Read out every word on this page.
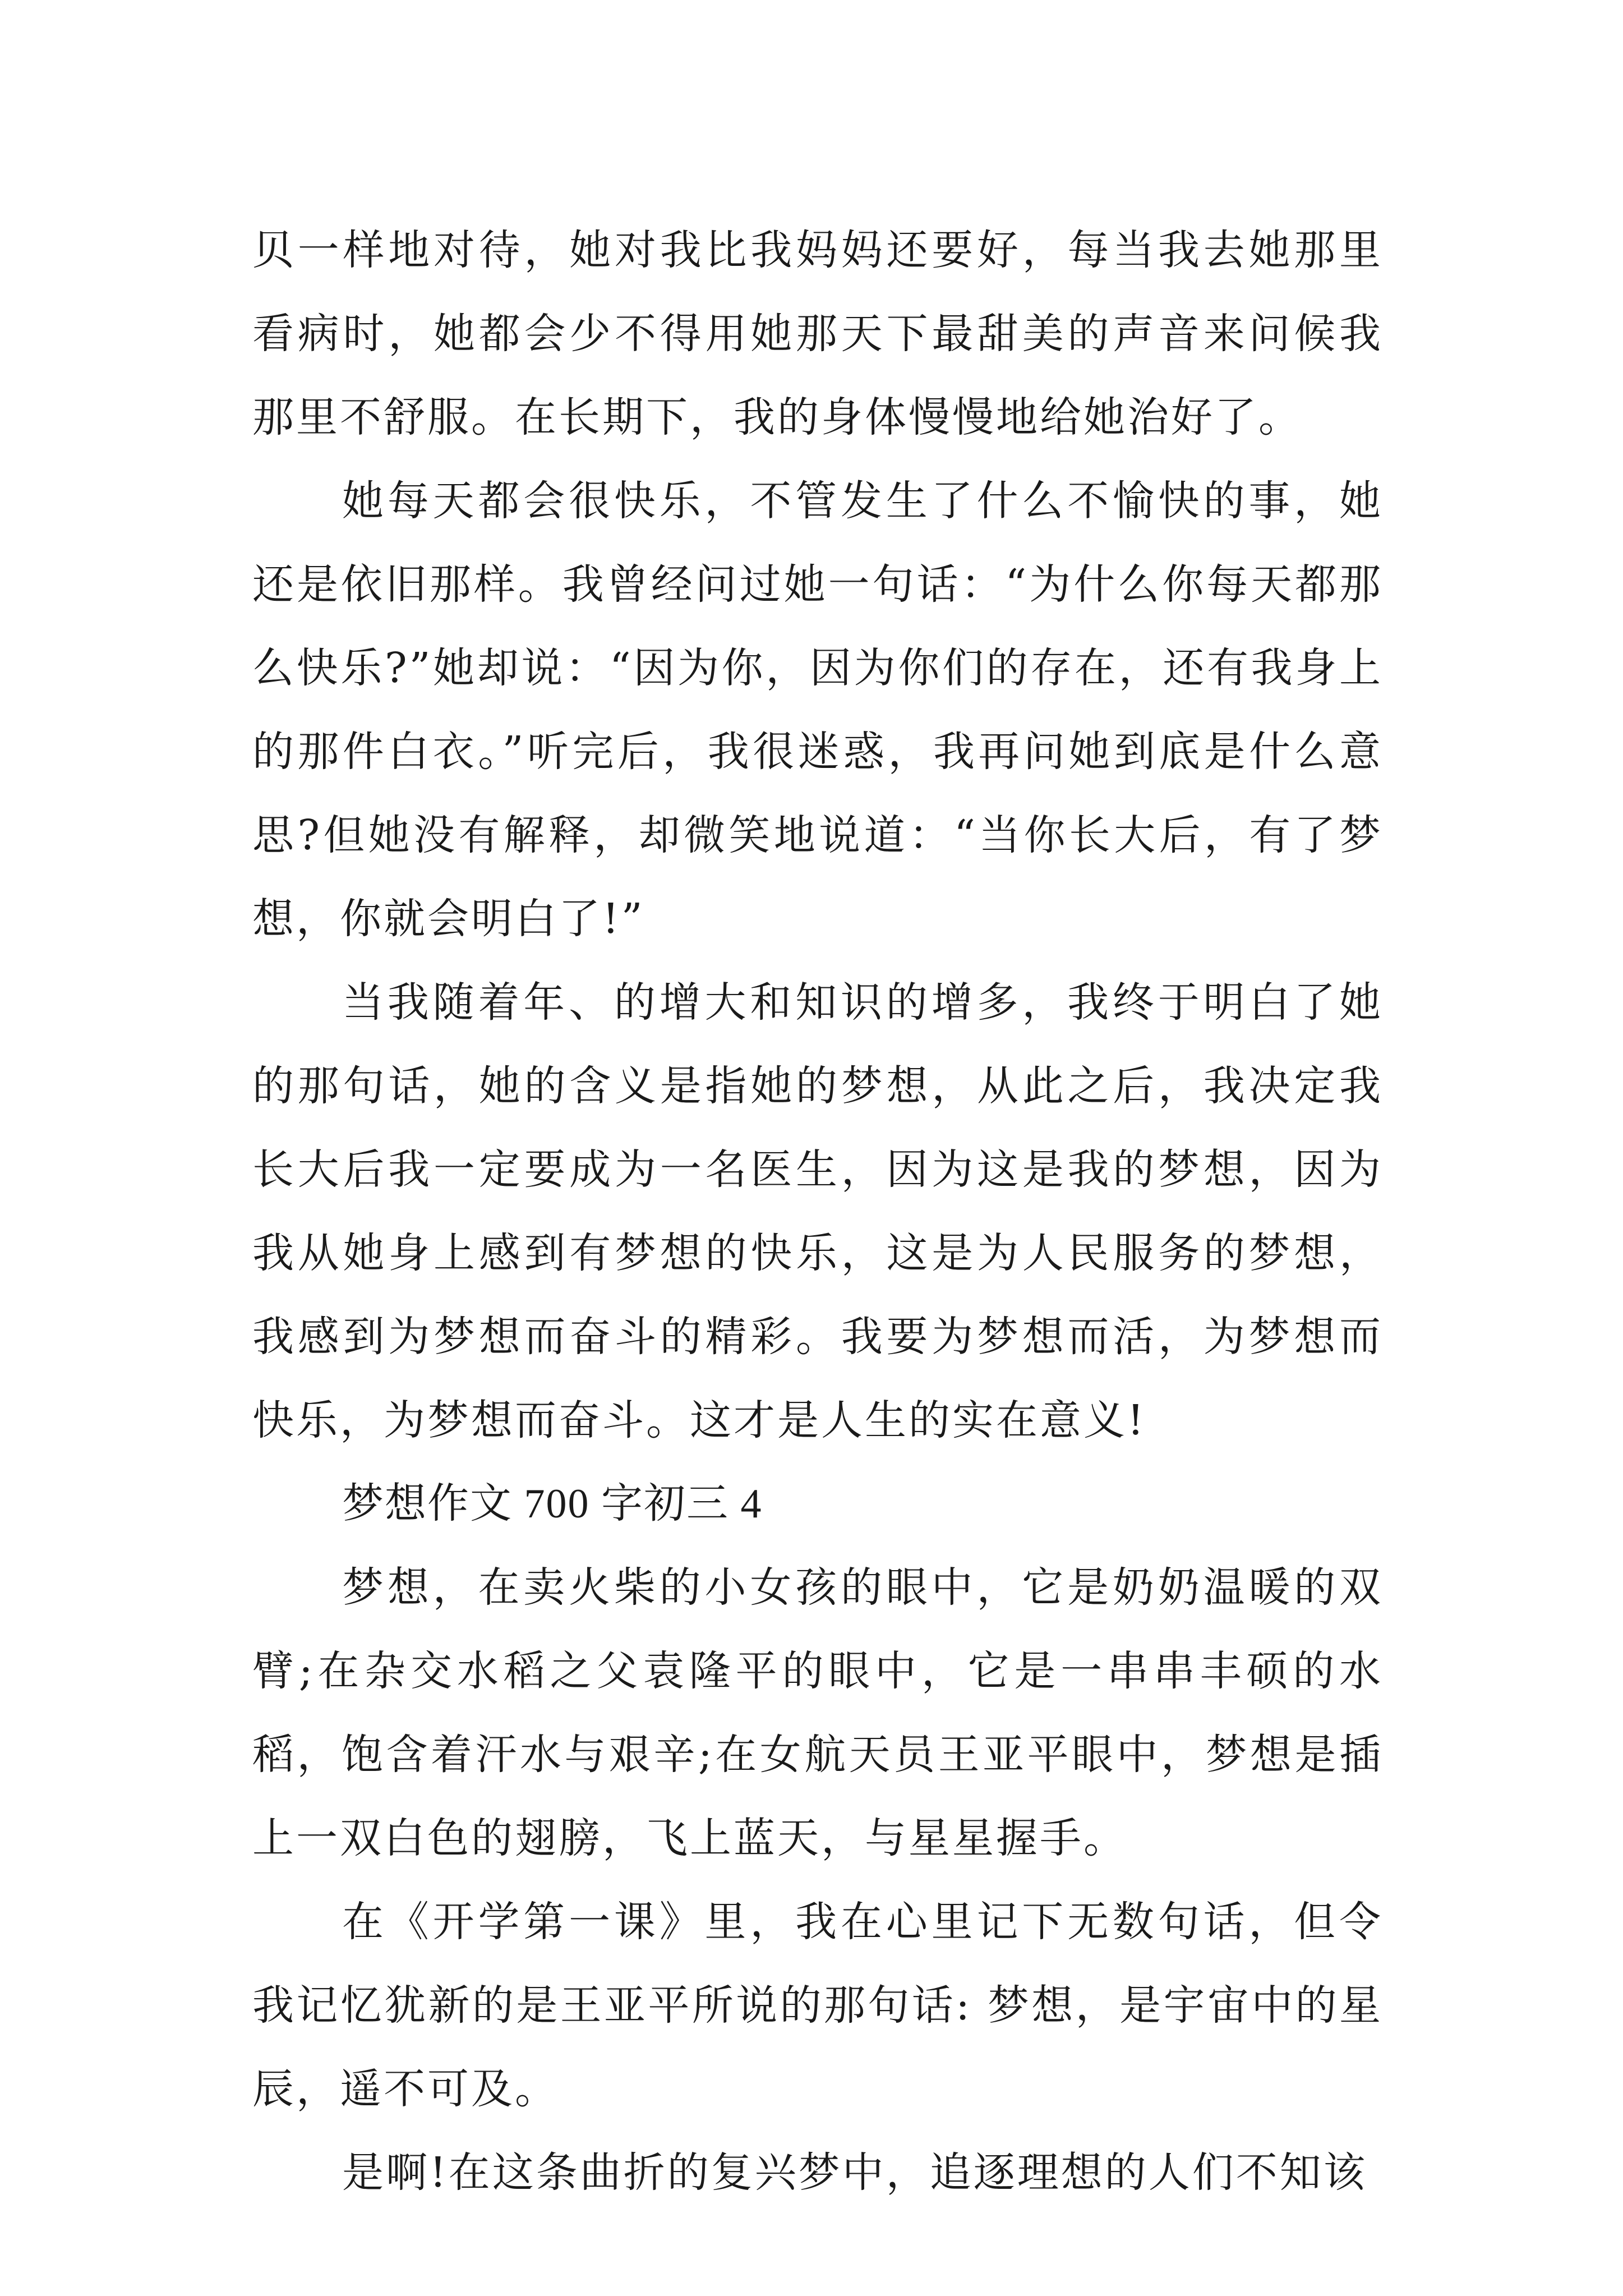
贝一样地对待，她对我比我妈妈还要好，每当我去她那里看病时，她都会少不得用她那天下最甜美的声音来问候我那里不舒服。在长期下，我的身体慢慢地给她治好了。

她每天都会很快乐，不管发生了什么不愉快的事，她还是依旧那样。我曾经问过她一句话：“为什么你每天都那么快乐?”她却说：“因为你，因为你们的存在，还有我身上的那件白衣。”听完后，我很迷惑，我再问她到底是什么意思?但她没有解释，却微笑地说道：“当你长大后，有了梦想，你就会明白了!”

当我随着年、的增大和知识的增多，我终于明白了她的那句话，她的含义是指她的梦想，从此之后，我决定我长大后我一定要成为一名医生，因为这是我的梦想，因为我从她身上感到有梦想的快乐，这是为人民服务的梦想，我感到为梦想而奋斗的精彩。我要为梦想而活，为梦想而快乐，为梦想而奋斗。这才是人生的实在意义!

梦想作文 700 字初三 4

梦想，在卖火柴的小女孩的眼中，它是奶奶温暖的双臂;在杂交水稻之父袁隆平的眼中，它是一串串丰硕的水稻，饱含着汗水与艰辛;在女航天员王亚平眼中，梦想是插上一双白色的翅膀，飞上蓝天，与星星握手。

在《开学第一课》里，我在心里记下无数句话，但令我记忆犹新的是王亚平所说的那句话: 梦想，是宇宙中的星辰，遥不可及。

是啊!在这条曲折的复兴梦中，追逐理想的人们不知该
